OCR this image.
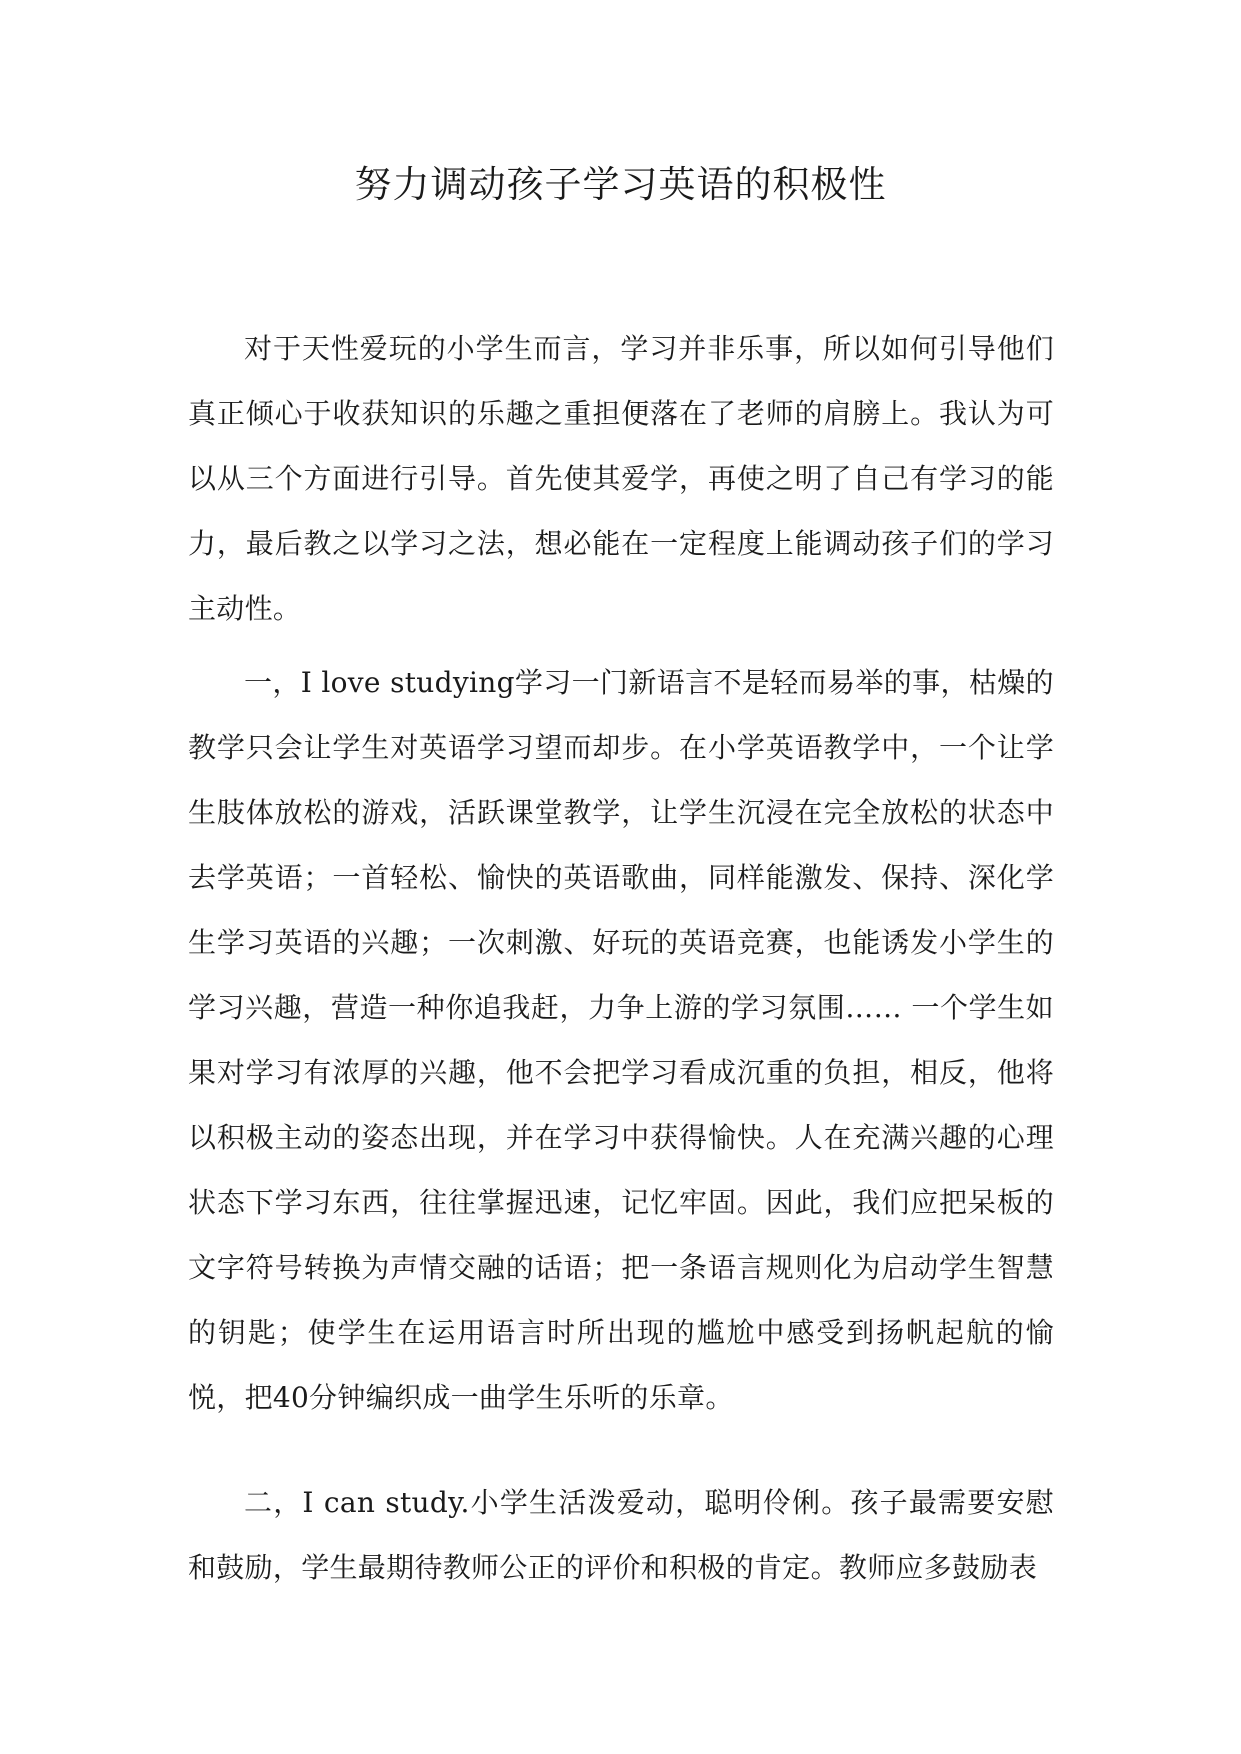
努力调动孩子学习英语的积极性

对于天性爱玩的小学生而言，学习并非乐事，所以如何引导他们真正倾心于收获知识的乐趣之重担便落在了老师的肩膀上。我认为可以从三个方面进行引导。首先使其爱学，再使之明了自己有学习的能力，最后教之以学习之法，想必能在一定程度上能调动孩子们的学习主动性。

一，I love studying学习一门新语言不是轻而易举的事，枯燥的教学只会让学生对英语学习望而却步。在小学英语教学中，一个让学生肢体放松的游戏，活跃课堂教学，让学生沉浸在完全放松的状态中去学英语；一首轻松、愉快的英语歌曲，同样能激发、保持、深化学生学习英语的兴趣；一次刺激、好玩的英语竞赛，也能诱发小学生的学习兴趣，营造一种你追我赶，力争上游的学习氛围…… 一个学生如果对学习有浓厚的兴趣，他不会把学习看成沉重的负担，相反，他将以积极主动的姿态出现，并在学习中获得愉快。人在充满兴趣的心理状态下学习东西，往往掌握迅速，记忆牢固。因此，我们应把呆板的文字符号转换为声情交融的话语；把一条语言规则化为启动学生智慧的钥匙；使学生在运用语言时所出现的尴尬中感受到扬帆起航的愉悦，把40分钟编织成一曲学生乐听的乐章。

二，I can study.小学生活泼爱动，聪明伶俐。孩子最需要安慰和鼓励，学生最期待教师公正的评价和积极的肯定。教师应多鼓励表
